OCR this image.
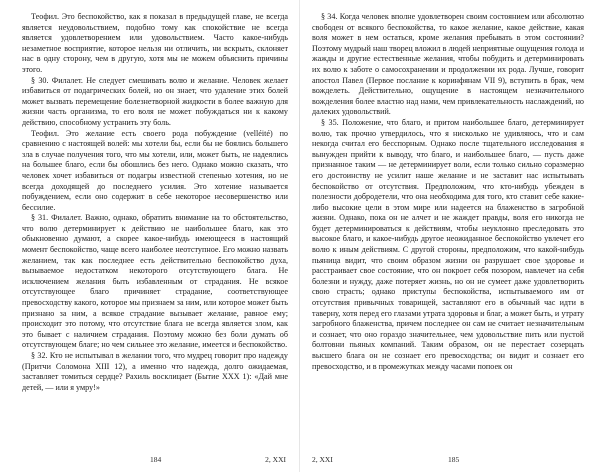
Теофил. Это беспокойство, как я показал в предыдущей главе, не всегда является неудовольствием, подобно тому как спокойствие не всегда является удовлетворением или удовольствием. Часто какое-нибудь незаметное восприятие, которое нельзя ни отличить, ни вскрыть, склоняет нас в одну сторону, чем в другую, хотя мы не можем объяснить причины этого.

§ 30. Филалет. Не следует смешивать волю и желание. Человек желает избавиться от подагрических болей, но он знает, что удаление этих болей может вызвать перемещение болезнетворной жидкости в более важную для жизни часть организма, то его воля не может побуждаться ни к какому действию, способному устранить эту боль.

Теофил. Это желание есть своего рода побуждение (velléité) по сравнению с настоящей волей: мы хотели бы, если бы не боялись большего зла в случае получения того, что мы хотели, или, может быть, не надеялись на большее благо, если бы обошлись без него. Однако можно сказать, что человек хочет избавиться от подагры известной степенью хотения, но не всегда доходящей до последнего усилия. Это хотение называется побуждением, если оно содержит в себе некоторое несовершенство или бессилие.

§ 31. Филалет. Важно, однако, обратить внимание на то обстоятельство, что волю детерминирует к действию не наибольшее благо, как это обыкновенно думают, а скорее какое-нибудь имеющееся в настоящий момент беспокойство, чаще всего наиболее неотступное. Его можно назвать желанием, так как последнее есть действительно беспокойство духа, вызываемое недостатком некоторого отсутствующего блага. Не исключением желания быть избавленным от страдания. Не всякое отсутствующее благо причиняет страдание, соответствующее превосходству какого, которое мы признаем за ним, или которое может быть признано за ним, а всякое страдание вызывает желание, равное ему; происходит это потому, что отсутствие блага не всегда является злом, как это бывает с наличием страдания. Поэтому можно без боли думать об отсутствующем благе; но чем сильнее это желание, имеется и беспокойство.

§ 32. Кто не испытывал в желании того, что мудрец говорит про надежду (Притчи Соломона XIII 12), а именно что надежда, долго ожидаемая, заставляет томиться сердце? Рахиль восклицает (Бытие XXX 1): «Дай мне детей, — или я умру!»

184	2, XXI

§ 34. Когда человек вполне удовлетворен своим состоянием или абсолютно свободен от всякого беспокойства, то какое желание, какое действие, какая воля может в нем остаться, кроме желания пребывать в этом состоянии? Поэтому мудрый наш творец вложил в людей неприятные ощущения голода и жажды и другие естественные желания, чтобы побудить и детерминировать их волю к заботе о самосохранении и продолжении их рода. Лучше, говорит апостол Павел (Первое послание к коринфянам VII 9), вступить в брак, чем вожделеть. Действительно, ощущение в настоящем незначительного вожделения более властно над нами, чем привлекательность наслаждений, но далеких удовольствий.

§ 35. Положение, что благо, и притом наибольшее благо, детерминирует волю, так прочно утвердилось, что я нисколько не удивляюсь, что и сам некогда считал его бесспорным. Однако после тщательного исследования я вынужден прийти к выводу, что благо, и наибольшее благо, — пусть даже признанное таким — не детерминирует воли, если только сильно соразмерно его достоинству не усилит наше желание и не заставит нас испытывать беспокойство от отсутствия. Предположим, что кто-нибудь убежден в полезности добродетели, что она необходима для того, кто ставит себе какие-либо высокие цели в этом мире или надеется на блаженство в загробной жизни. Однако, пока он не алчет и не жаждет правды, воля его никогда не будет детерминироваться к действиям, чтобы неуклонно преследовать это высокое благо, и какое-нибудь другое неожиданное беспокойство увлечет его волю к иным действиям. С другой стороны, предположим, что какой-нибудь пьяница видит, что своим образом жизни он разрушает свое здоровье и расстраивает свое состояние, что он покроет себя позором, навлечет на себя болезни и нужду, даже потеряет жизнь, но он не сумеет даже удовлетворить свою страсть; однако приступы беспокойства, испытываемого им от отсутствия привычных товарищей, заставляют его в обычный час идти в таверну, хотя перед его глазами утрата здоровья и благ, а может быть, и утрату загробного блаженства, причем последнее он сам не считает незначительным и сознает, что оно гораздо значительнее, чем удовольствие пить или пустой болтовни пьяных компаний. Таким образом, он не перестает созерцать высшего блага он не сознает его превосходства; он видит и сознает его превосходство, и в промежутках между часами попоек он

2, XXI	185
